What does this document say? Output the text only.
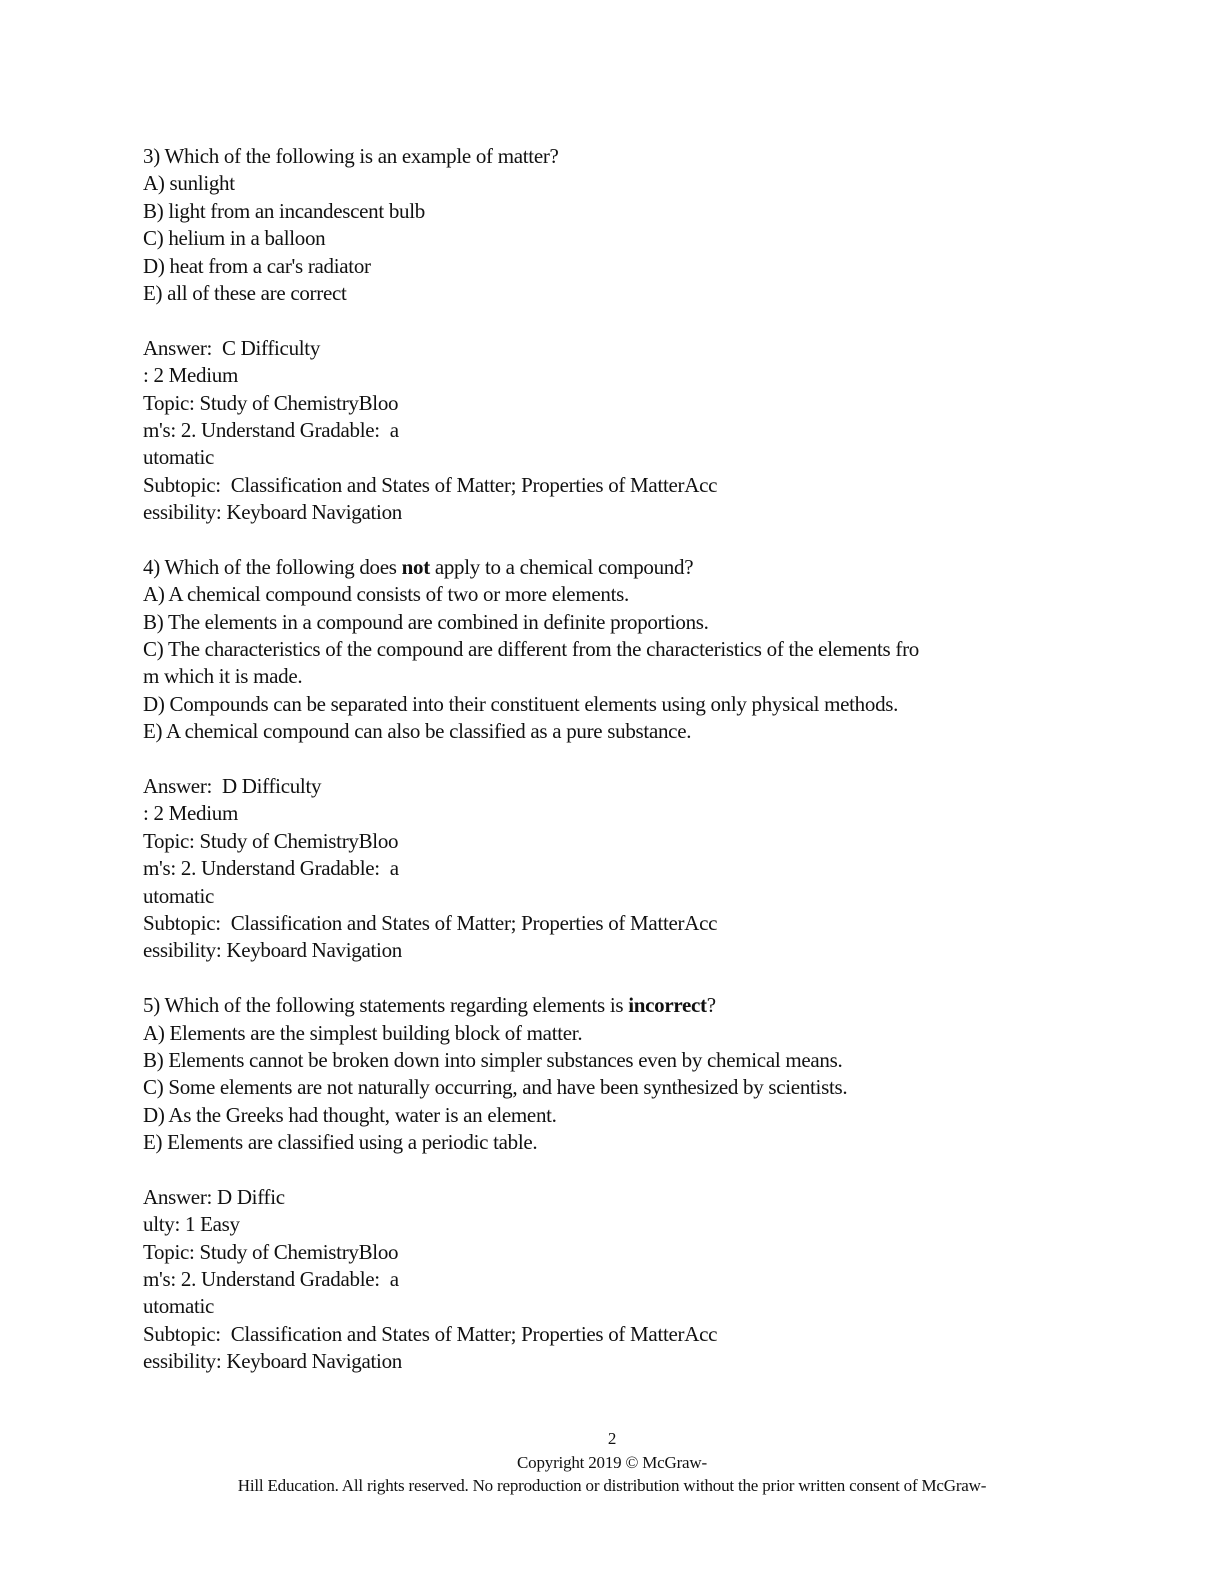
3) Which of the following is an example of matter?
A) sunlight
B) light from an incandescent bulb
C) helium in a balloon
D) heat from a car's radiator
E) all of these are correct
Answer:  C Difficulty
: 2 Medium
Topic: Study of ChemistryBloo
m's: 2. Understand Gradable:  a
utomatic
Subtopic:  Classification and States of Matter; Properties of MatterAcc
essibility: Keyboard Navigation
4) Which of the following does not apply to a chemical compound?
A) A chemical compound consists of two or more elements.
B) The elements in a compound are combined in definite proportions.
C) The characteristics of the compound are different from the characteristics of the elements fro
m which it is made.
D) Compounds can be separated into their constituent elements using only physical methods.
E) A chemical compound can also be classified as a pure substance.
Answer:  D Difficulty
: 2 Medium
Topic: Study of ChemistryBloo
m's: 2. Understand Gradable:  a
utomatic
Subtopic:  Classification and States of Matter; Properties of MatterAcc
essibility: Keyboard Navigation
5) Which of the following statements regarding elements is incorrect?
A) Elements are the simplest building block of matter.
B) Elements cannot be broken down into simpler substances even by chemical means.
C) Some elements are not naturally occurring, and have been synthesized by scientists.
D) As the Greeks had thought, water is an element.
E) Elements are classified using a periodic table.
Answer: D Diffic
ulty: 1 Easy
Topic: Study of ChemistryBloo
m's: 2. Understand Gradable:  a
utomatic
Subtopic:  Classification and States of Matter; Properties of MatterAcc
essibility: Keyboard Navigation
2
Copyright 2019 © McGraw-
Hill Education. All rights reserved. No reproduction or distribution without the prior written consent of McGraw-
